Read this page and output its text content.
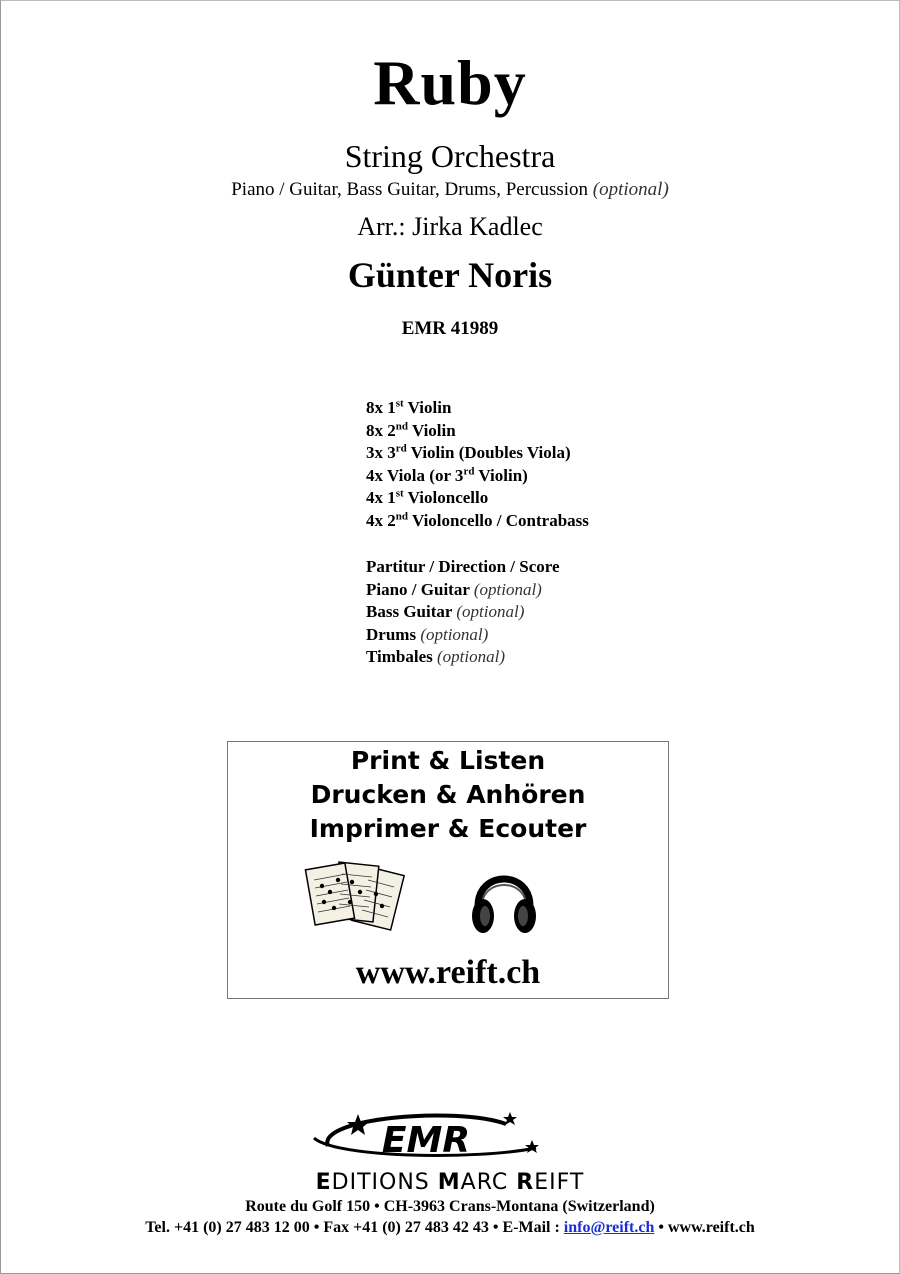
Ruby
String Orchestra
Piano / Guitar, Bass Guitar, Drums, Percussion (optional)
Arr.: Jirka Kadlec
Günter Noris
EMR 41989
8x 1st Violin
8x 2nd Violin
3x 3rd Violin (Doubles Viola)
4x Viola (or 3rd Violin)
4x 1st Violoncello
4x 2nd Violoncello / Contrabass
Partitur / Direction / Score
Piano / Guitar (optional)
Bass Guitar (optional)
Drums (optional)
Timbales (optional)
Print & Listen
Drucken & Anhören
Imprimer & Ecouter
www.reift.ch
EMR
EDITIONS MARC REIFT
Route du Golf 150 • CH-3963 Crans-Montana (Switzerland)
Tel. +41 (0) 27 483 12 00 • Fax +41 (0) 27 483 42 43 • E-Mail : info@reift.ch • www.reift.ch
